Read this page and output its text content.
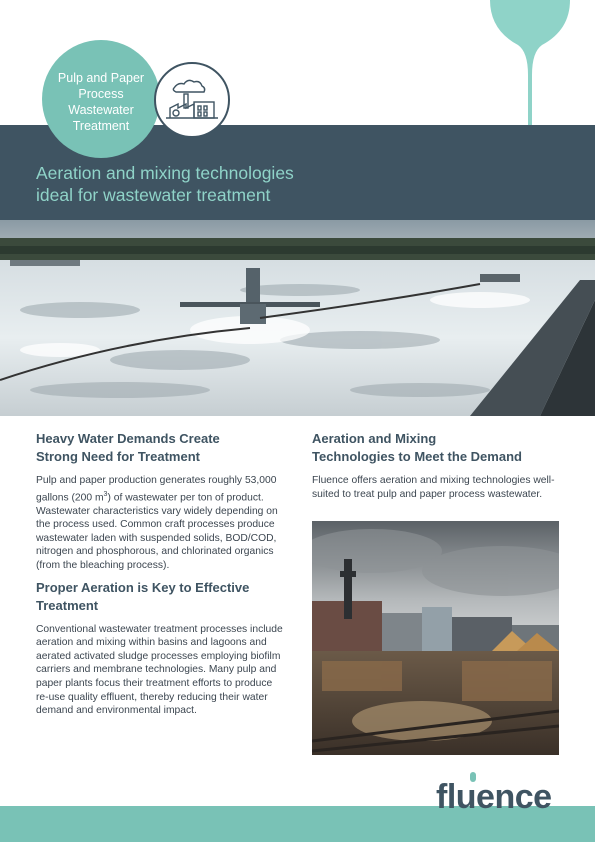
Aeration and mixing technologies
ideal for wastewater treatment
Pulp and Paper
Process
Wastewater
Treatment
Heavy Water Demands Create
Strong Need for Treatment

Pulp and paper production generates roughly 53,000 gallons (200 $m^3$) of wastewater per ton of product. Wastewater characteristics vary widely depending on the process used. Common craft processes produce wastewater laden with suspended solids, BOD/COD, nitrogen and phosphorous, and chlorinated organics (from the bleaching process).

Proper Aeration is Key to Effective
Treatment

Conventional wastewater treatment processes include aeration and mixing within basins and lagoons and aerated activated sludge processes employing biofilm carriers and membrane technologies. Many pulp and paper plants focus their treatment efforts to produce re-use quality effluent, thereby reducing their water demand and environmental impact.

Aeration and Mixing
Technologies to Meet the Demand

Fluence offers aeration and mixing technologies well-suited to treat pulp and paper process wastewater.

fluence
